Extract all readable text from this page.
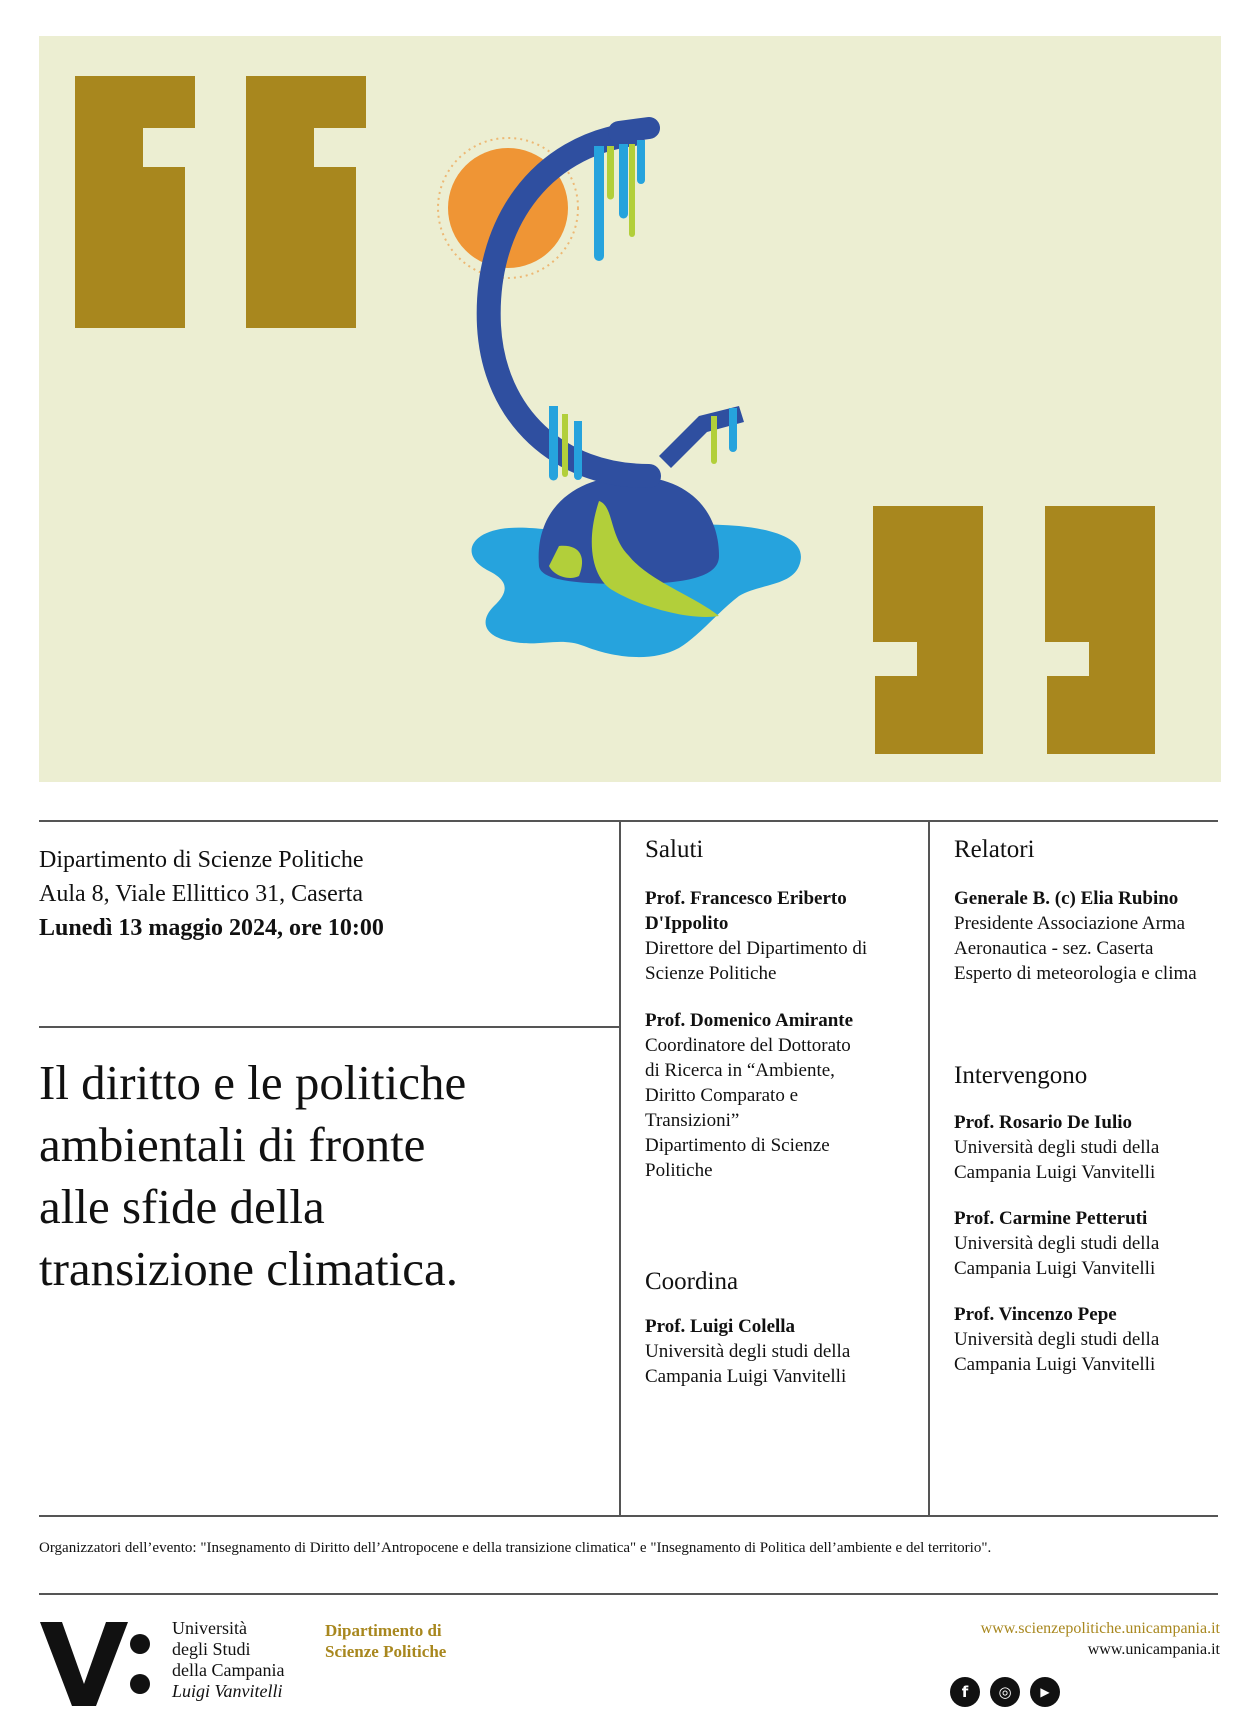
Dipartimento di Scienze Politiche
Aula 8, Viale Ellittico 31, Caserta
Lunedì 13 maggio 2024, ore 10:00
Il diritto e le politiche
ambientali di fronte
alle sfide della
transizione climatica.

Saluti

Prof. Francesco Eriberto
D'Ippolito
Direttore del Dipartimento di
Scienze Politiche
Prof. Domenico Amirante
Coordinatore del Dottorato
di Ricerca in “Ambiente,
Diritto Comparato e
Transizioni”
Dipartimento di Scienze
Politiche

Coordina

Prof. Luigi Colella
Università degli studi della
Campania Luigi Vanvitelli

Relatori

Generale B. (c) Elia Rubino
Presidente Associazione Arma
Aeronautica - sez. Caserta
Esperto di meteorologia e clima

Intervengono

Prof. Rosario De Iulio
Università degli studi della
Campania Luigi Vanvitelli
Prof. Carmine Petteruti
Università degli studi della
Campania Luigi Vanvitelli
Prof. Vincenzo Pepe
Università degli studi della
Campania Luigi Vanvitelli
Organizzatori dell’evento: "Insegnamento di Diritto dell’Antropocene e della transizione climatica" e "Insegnamento di Politica dell’ambiente e del territorio".
Università
degli Studi
della Campania
Luigi Vanvitelli
Dipartimento di
Scienze Politiche
www.scienzepolitiche.unicampania.it
www.unicampania.it
f	◎	▶
